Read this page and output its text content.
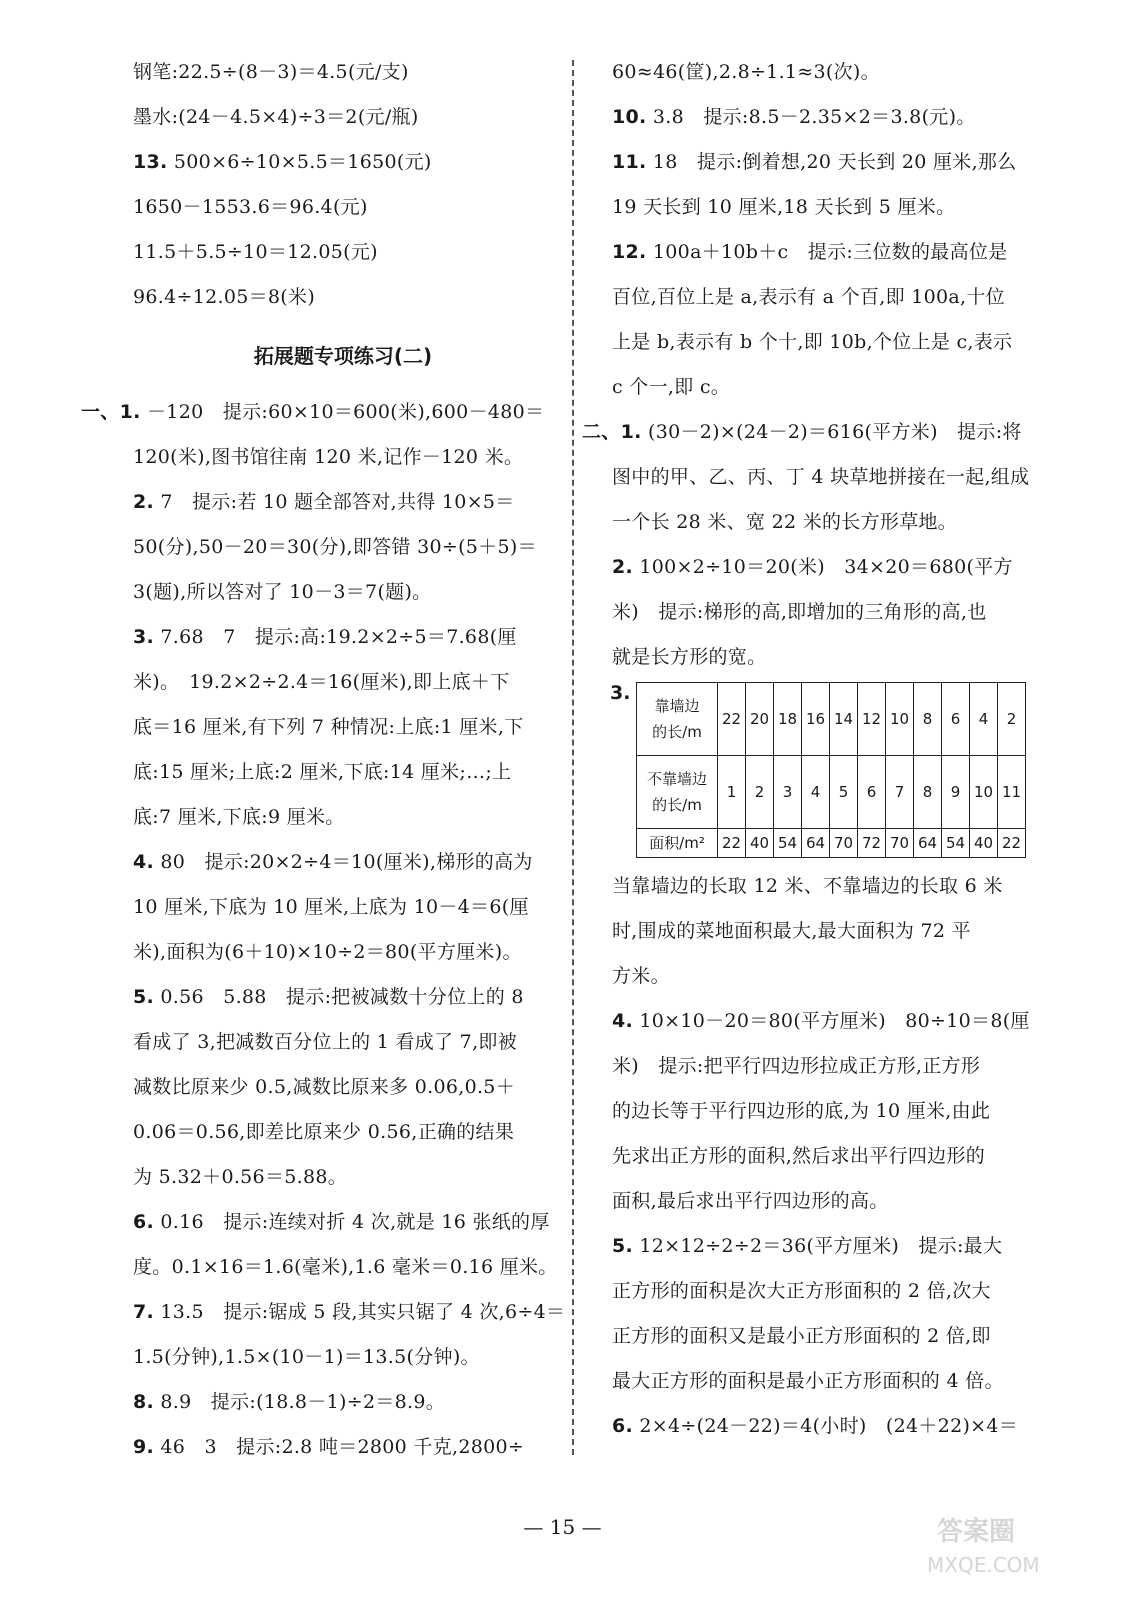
钢笔:22.5÷(8－3)＝4.5(元/支)
墨水:(24－4.5×4)÷3＝2(元/瓶)
13. 500×6÷10×5.5＝1650(元)
1650－1553.6＝96.4(元)
11.5＋5.5÷10＝12.05(元)
96.4÷12.05＝8(米)
拓展题专项练习(二)
一、1. －120　提示:60×10＝600(米),600－480＝
120(米),图书馆往南 120 米,记作－120 米。
2. 7　提示:若 10 题全部答对,共得 10×5＝
50(分),50－20＝30(分),即答错 30÷(5＋5)＝
3(题),所以答对了 10－3＝7(题)。
3. 7.68　7　提示:高:19.2×2÷5＝7.68(厘
米)。　19.2×2÷2.4＝16(厘米),即上底＋下
底＝16 厘米,有下列 7 种情况:上底:1 厘米,下
底:15 厘米;上底:2 厘米,下底:14 厘米;…;上
底:7 厘米,下底:9 厘米。
4. 80　提示:20×2÷4＝10(厘米),梯形的高为
10 厘米,下底为 10 厘米,上底为 10－4＝6(厘
米),面积为(6＋10)×10÷2＝80(平方厘米)。
5. 0.56　5.88　提示:把被减数十分位上的 8
看成了 3,把减数百分位上的 1 看成了 7,即被
减数比原来少 0.5,减数比原来多 0.06,0.5＋
0.06＝0.56,即差比原来少 0.56,正确的结果
为 5.32＋0.56＝5.88。
6. 0.16　提示:连续对折 4 次,就是 16 张纸的厚
度。0.1×16＝1.6(毫米),1.6 毫米＝0.16 厘米。
7. 13.5　提示:锯成 5 段,其实只锯了 4 次,6÷4＝
1.5(分钟),1.5×(10－1)＝13.5(分钟)。
8. 8.9　提示:(18.8－1)÷2＝8.9。
9. 46　3　提示:2.8 吨＝2800 千克,2800÷
60≈46(筐),2.8÷1.1≈3(次)。
10. 3.8　提示:8.5－2.35×2＝3.8(元)。
11. 18　提示:倒着想,20 天长到 20 厘米,那么
19 天长到 10 厘米,18 天长到 5 厘米。
12. 100a＋10b＋c　提示:三位数的最高位是
百位,百位上是 a,表示有 a 个百,即 100a,十位
上是 b,表示有 b 个十,即 10b,个位上是 c,表示
c 个一,即 c。
二、1. (30－2)×(24－2)＝616(平方米)　提示:将
图中的甲、乙、丙、丁 4 块草地拼接在一起,组成
一个长 28 米、宽 22 米的长方形草地。
2. 100×2÷10＝20(米)　34×20＝680(平方
米)　提示:梯形的高,即增加的三角形的高,也
就是长方形的宽。
3.
靠墙边
的长/m	22	20	18	16	14	12	10	8	6	4	2
不靠墙边
的长/m	1	2	3	4	5	6	7	8	9	10	11
面积/m²	22	40	54	64	70	72	70	64	54	40	22
当靠墙边的长取 12 米、不靠墙边的长取 6 米
时,围成的菜地面积最大,最大面积为 72 平
方米。
4. 10×10－20＝80(平方厘米)　80÷10＝8(厘
米)　提示:把平行四边形拉成正方形,正方形
的边长等于平行四边形的底,为 10 厘米,由此
先求出正方形的面积,然后求出平行四边形的
面积,最后求出平行四边形的高。
5. 12×12÷2÷2＝36(平方厘米)　提示:最大
正方形的面积是次大正方形面积的 2 倍,次大
正方形的面积又是最小正方形面积的 2 倍,即
最大正方形的面积是最小正方形面积的 4 倍。
6. 2×4÷(24－22)＝4(小时)　(24＋22)×4＝
— 15 —	答案圈
MXQE.COM
